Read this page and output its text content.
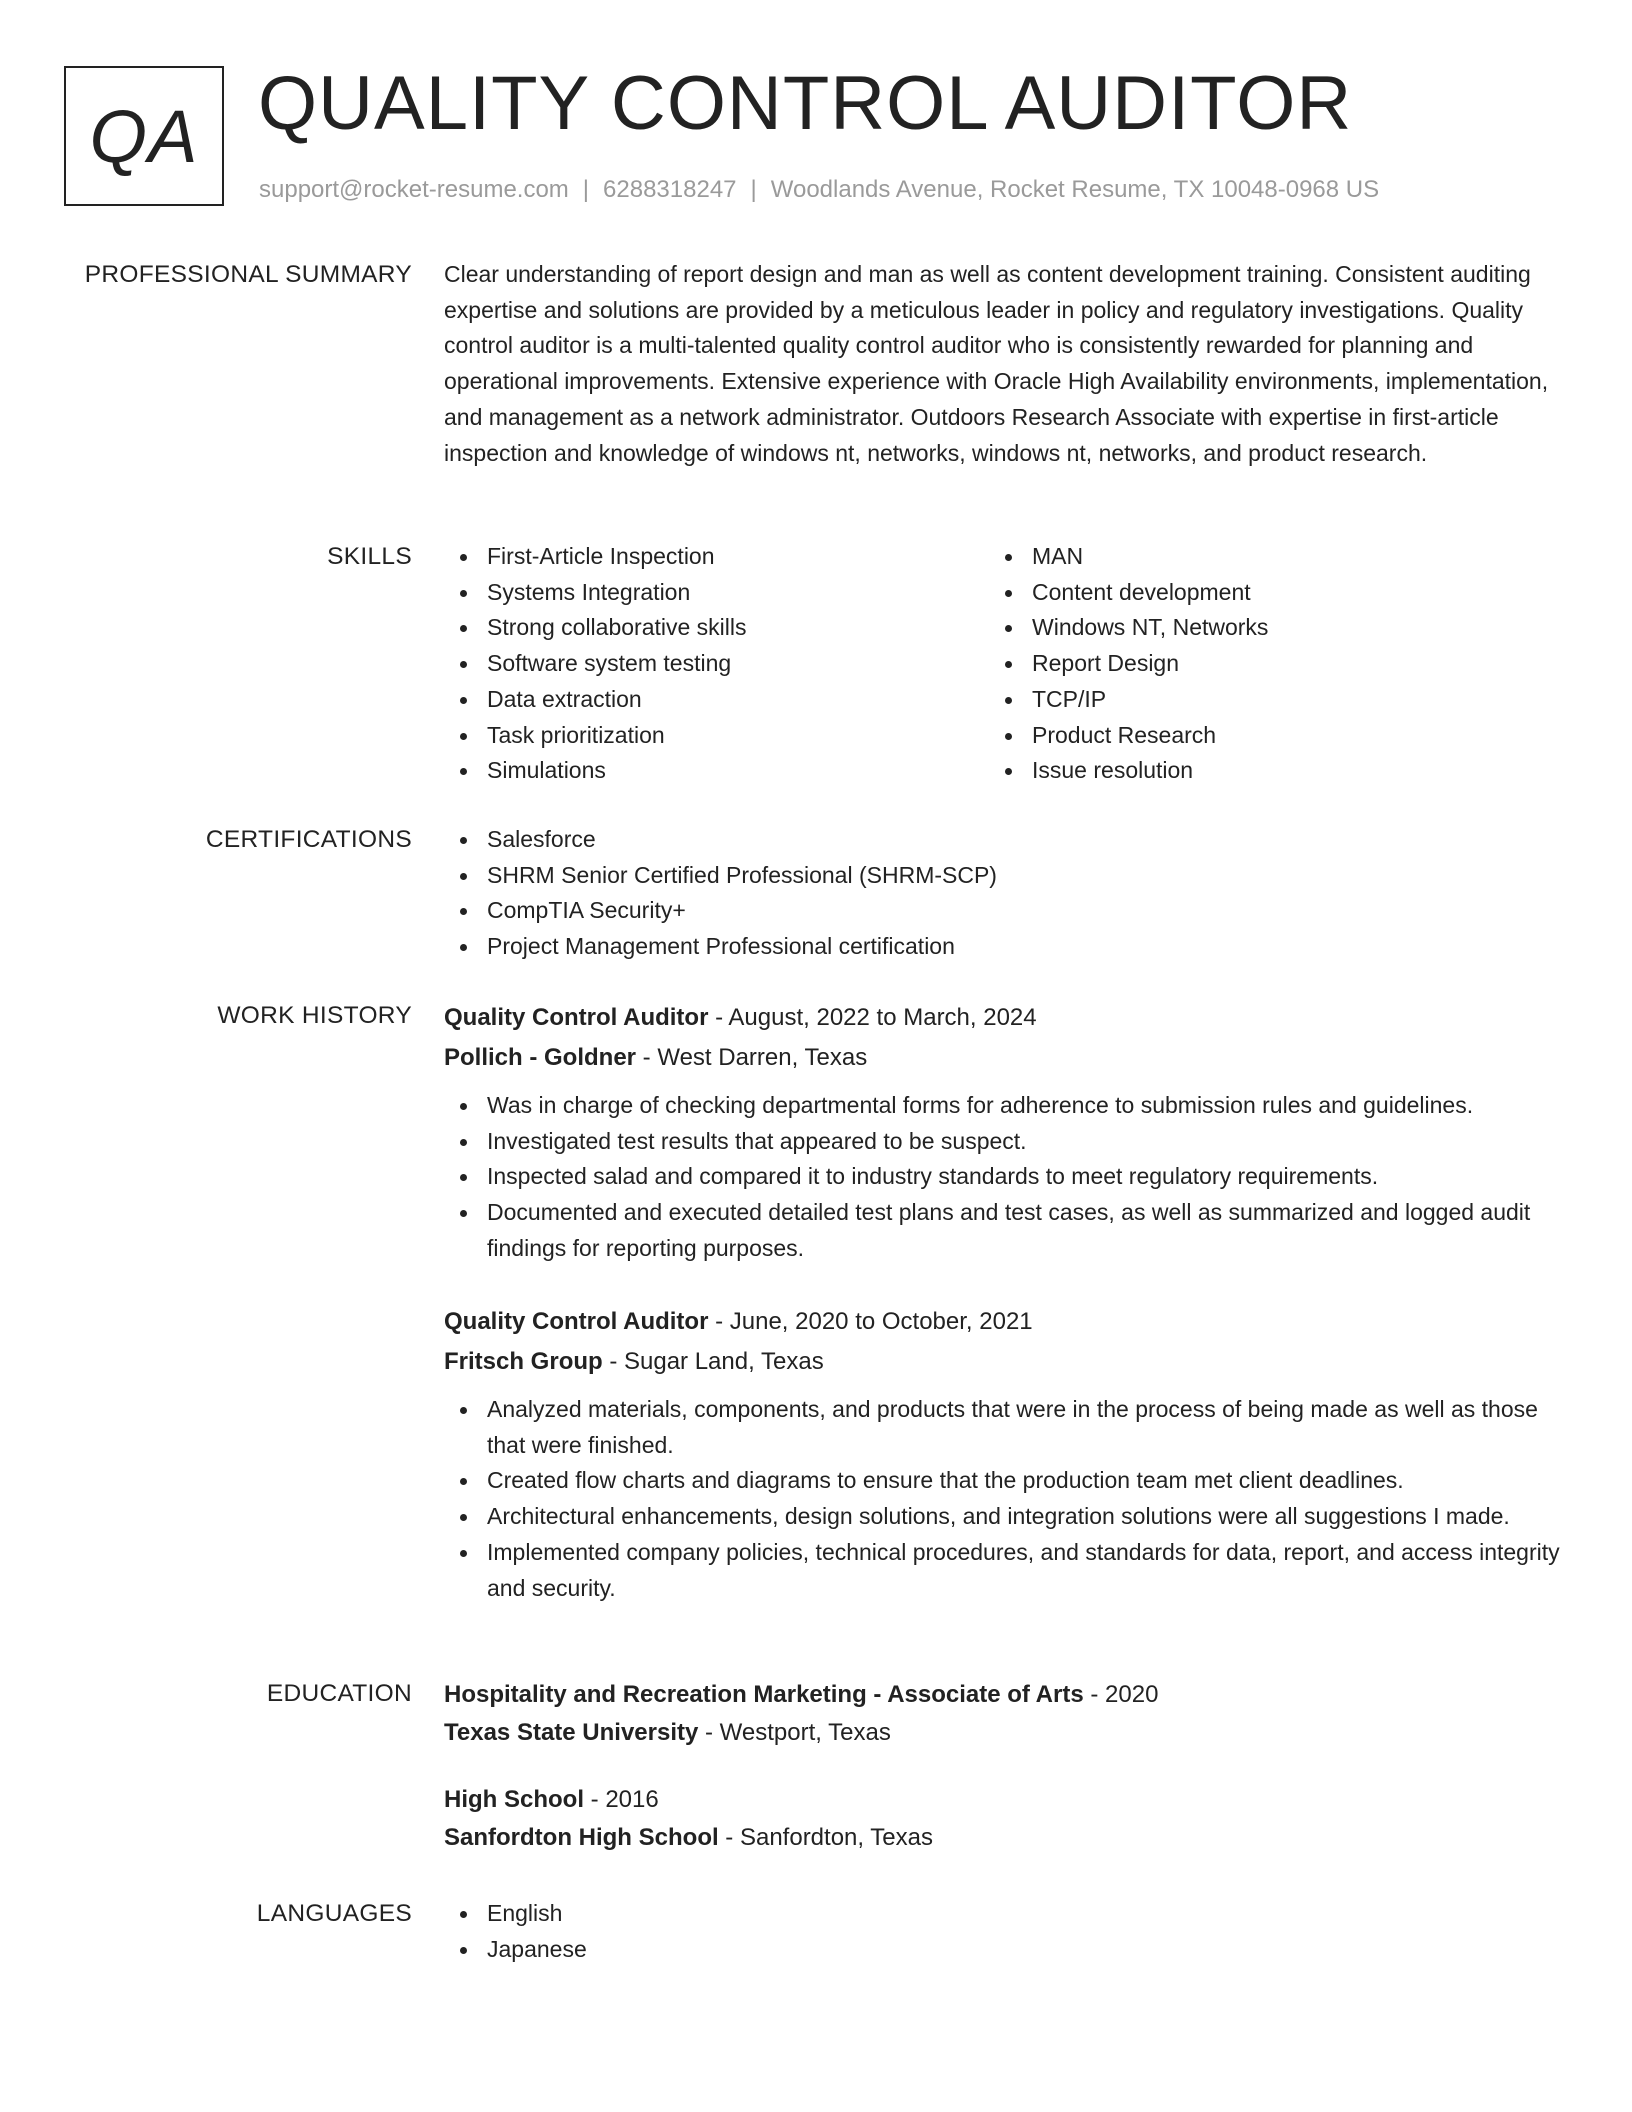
QA QUALITY CONTROL AUDITOR
support@rocket-resume.com | 6288318247 | Woodlands Avenue, Rocket Resume, TX 10048-0968 US
PROFESSIONAL SUMMARY Clear understanding of report design and man as well as content development training. Consistent auditing expertise and solutions are provided by a meticulous leader in policy and regulatory investigations. Quality control auditor is a multi-talented quality control auditor who is consistently rewarded for planning and operational improvements. Extensive experience with Oracle High Availability environments, implementation, and management as a network administrator. Outdoors Research Associate with expertise in first-article inspection and knowledge of windows nt, networks, windows nt, networks, and product research.

SKILLS	First-Article Inspection
Systems Integration
Strong collaborative skills
Software system testing
Data extraction
Task prioritization
Simulations
MAN
Content development
Windows NT, Networks
Report Design
TCP/IP
Product Research
Issue resolution
CERTIFICATIONS	Salesforce
SHRM Senior Certified Professional (SHRM-SCP)
CompTIA Security+
Project Management Professional certification
WORK HISTORY Quality Control Auditor - August, 2022 to March, 2024

Pollich - Goldner - West Darren, Texas

Was in charge of checking departmental forms for adherence to submission rules and guidelines.
Investigated test results that appeared to be suspect.
Inspected salad and compared it to industry standards to meet regulatory requirements.
Documented and executed detailed test plans and test cases, as well as summarized and logged audit findings for reporting purposes.

Quality Control Auditor - June, 2020 to October, 2021

Fritsch Group - Sugar Land, Texas

Analyzed materials, components, and products that were in the process of being made as well as those that were finished.
Created flow charts and diagrams to ensure that the production team met client deadlines.
Architectural enhancements, design solutions, and integration solutions were all suggestions I made.
Implemented company policies, technical procedures, and standards for data, report, and access integrity and security.
EDUCATION Hospitality and Recreation Marketing - Associate of Arts - 2020

Texas State University - Westport, Texas

High School - 2016

Sanfordton High School - Sanfordton, Texas

LANGUAGES	English
Japanese
